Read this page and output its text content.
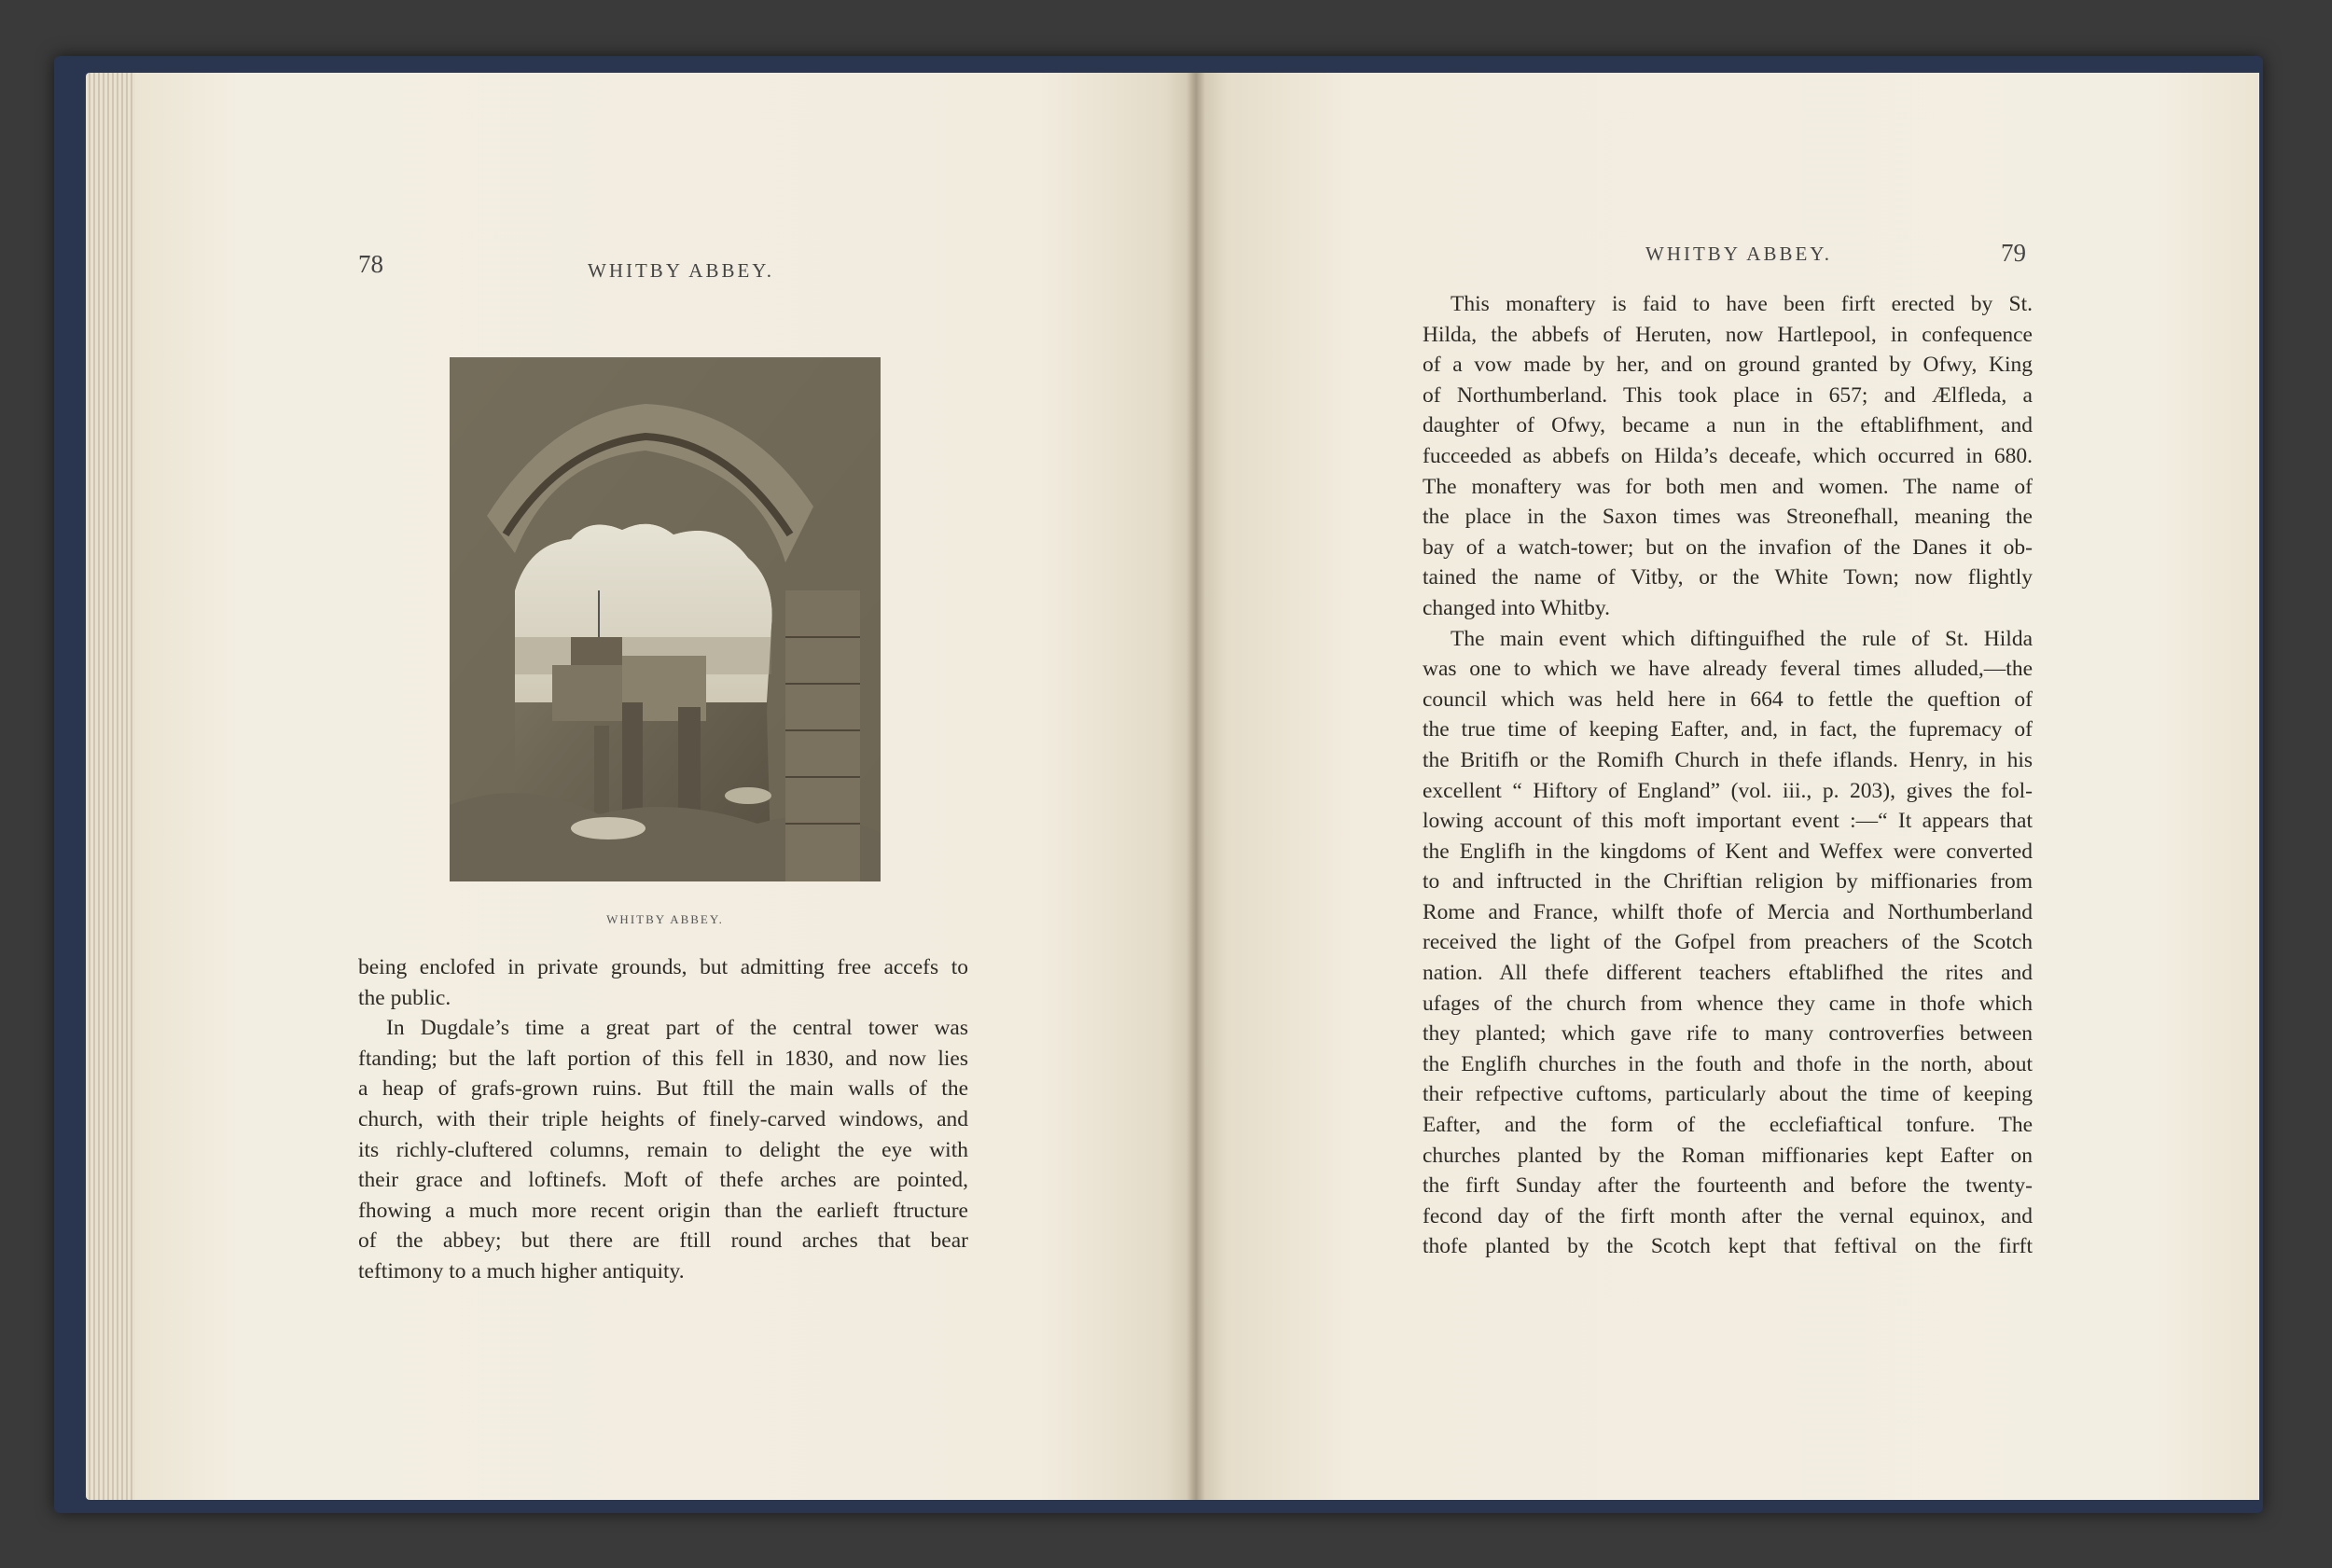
78	WHITBY ABBEY.
WHITBY ABBEY.
being enclofed in private grounds, but admitting free accefs to
the public.
In Dugdale’s time a great part of the central tower was
ftanding; but the laft portion of this fell in 1830, and now lies
a heap of grafs-grown ruins. But ftill the main walls of the
church, with their triple heights of finely-carved windows, and
its richly-cluftered columns, remain to delight the eye with
their grace and loftinefs. Moft of thefe arches are pointed,
fhowing a much more recent origin than the earlieft ftructure
of the abbey; but there are ftill round arches that bear
teftimony to a much higher antiquity.
WHITBY ABBEY.	79
This monaftery is faid to have been firft erected by St.
Hilda, the abbefs of Heruten, now Hartlepool, in confequence
of a vow made by her, and on ground granted by Ofwy, King
of Northumberland. This took place in 657; and Ælfleda, a
daughter of Ofwy, became a nun in the eftablifhment, and
fucceeded as abbefs on Hilda’s deceafe, which occurred in 680.
The monaftery was for both men and women. The name of
the place in the Saxon times was Streonefhall, meaning the
bay of a watch-tower; but on the invafion of the Danes it ob-
tained the name of Vitby, or the White Town; now flightly
changed into Whitby.
The main event which diftinguifhed the rule of St. Hilda
was one to which we have already feveral times alluded,—the
council which was held here in 664 to fettle the queftion of
the true time of keeping Eafter, and, in fact, the fupremacy of
the Britifh or the Romifh Church in thefe iflands. Henry, in his
excellent “ Hiftory of England” (vol. iii., p. 203), gives the fol-
lowing account of this moft important event :—“ It appears that
the Englifh in the kingdoms of Kent and Weffex were converted
to and inftructed in the Chriftian religion by miffionaries from
Rome and France, whilft thofe of Mercia and Northumberland
received the light of the Gofpel from preachers of the Scotch
nation. All thefe different teachers eftablifhed the rites and
ufages of the church from whence they came in thofe which
they planted; which gave rife to many controverfies between
the Englifh churches in the fouth and thofe in the north, about
their refpective cuftoms, particularly about the time of keeping
Eafter, and the form of the ecclefiaftical tonfure. The
churches planted by the Roman miffionaries kept Eafter on
the firft Sunday after the fourteenth and before the twenty-
fecond day of the firft month after the vernal equinox, and
thofe planted by the Scotch kept that feftival on the firft
